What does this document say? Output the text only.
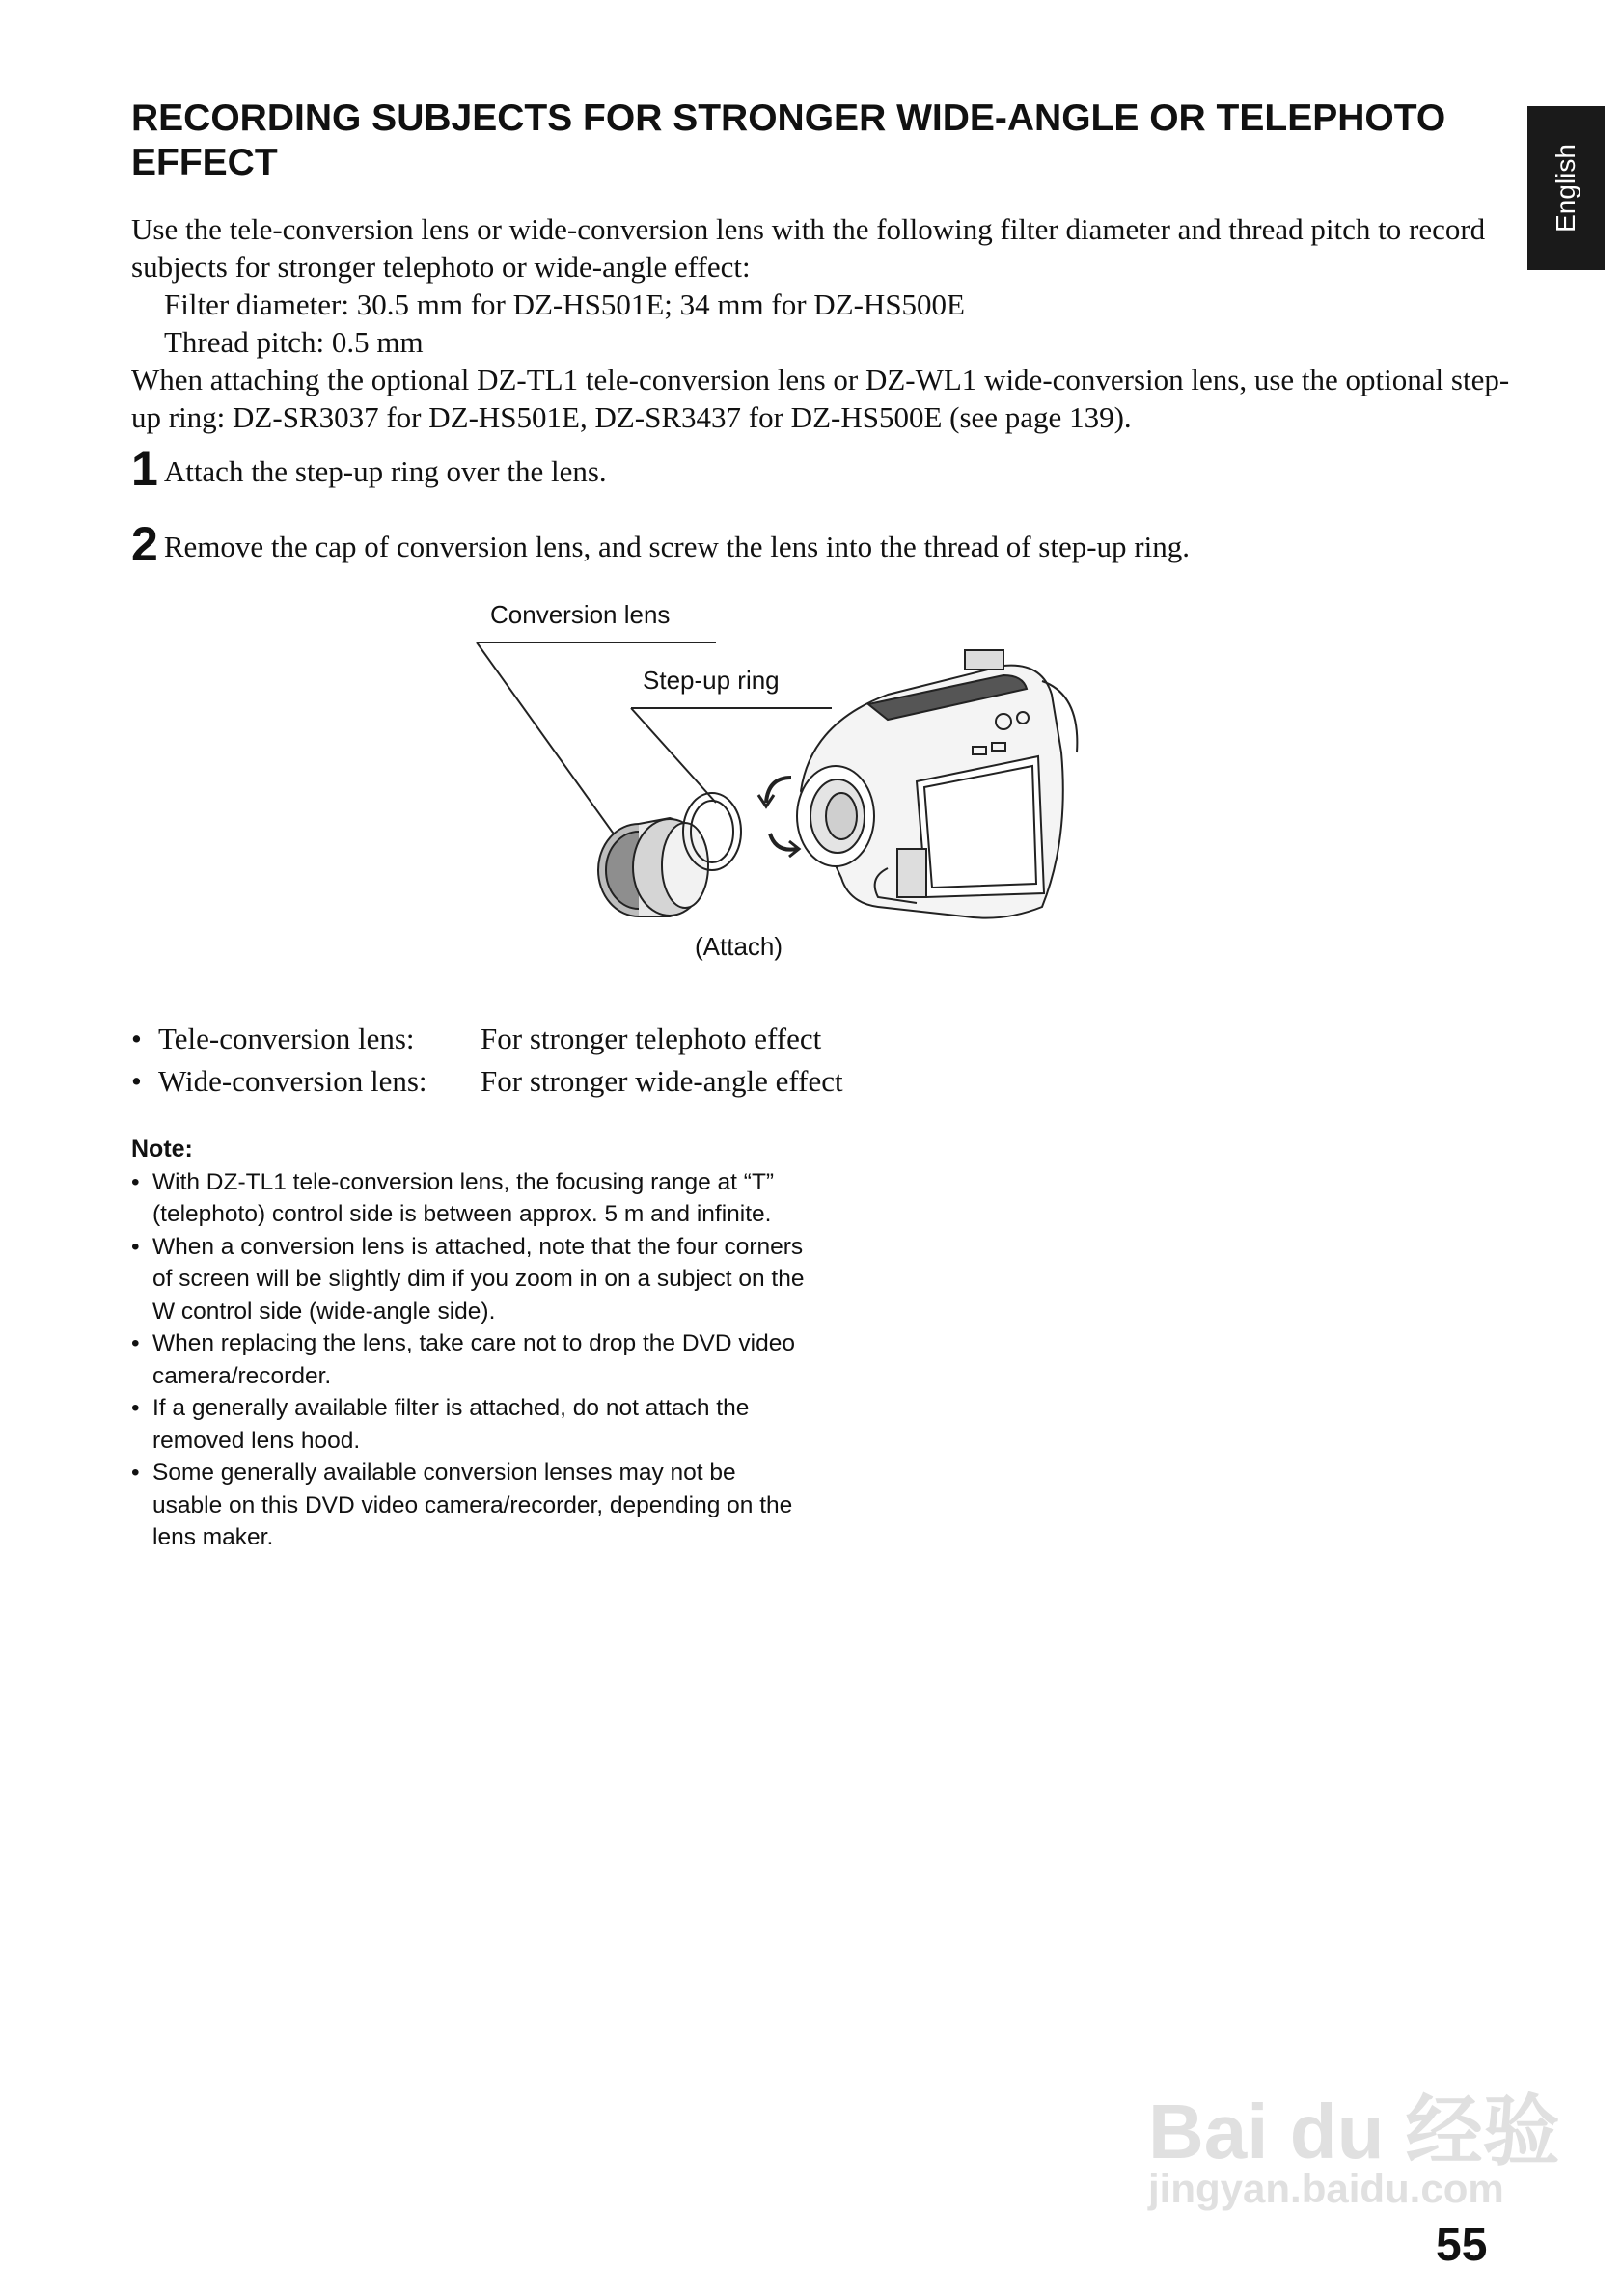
RECORDING SUBJECTS FOR STRONGER WIDE-ANGLE OR TELEPHOTO EFFECT	English

Use the tele-conversion lens or wide-conversion lens with the following filter diameter and thread pitch to record subjects for stronger telephoto or wide-angle effect:

Filter diameter: 30.5 mm for DZ-HS501E; 34 mm for DZ-HS500E

Thread pitch: 0.5 mm

When attaching the optional DZ-TL1 tele-conversion lens or DZ-WL1 wide-conversion lens, use the optional step-up ring: DZ-SR3037 for DZ-HS501E, DZ-SR3437 for DZ-HS500E (see page 139).

1 Attach the step-up ring over the lens.
2 Remove the cap of conversion lens, and screw the lens into the thread of step-up ring.
Conversion lens
Step-up ring
(Attach)
• Tele-conversion lens:	For stronger telephoto effect
• Wide-conversion lens:	For stronger wide-angle effect
Note:
• With DZ-TL1 tele-conversion lens, the focusing range at “T” (telephoto) control side is between approx. 5 m and infinite.
• When a conversion lens is attached, note that the four corners of screen will be slightly dim if you zoom in on a subject on the W control side (wide-angle side).
• When replacing the lens, take care not to drop the DVD video camera/recorder.
• If a generally available filter is attached, do not attach the removed lens hood.
• Some generally available conversion lenses may not be usable on this DVD video camera/recorder, depending on the lens maker.
Bai du 经验
jingyan.baidu.com
55
